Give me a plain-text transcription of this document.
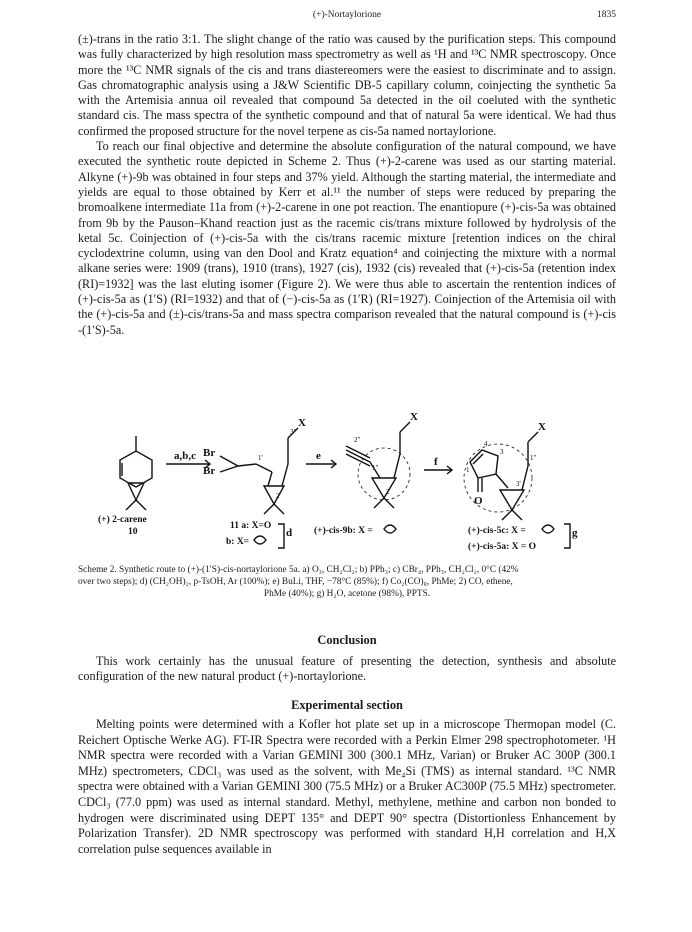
(+)-Nortaylorione	1835

(±)-trans in the ratio 3:1. The slight change of the ratio was caused by the purification steps. This compound was fully characterized by high resolution mass spectrometry as well as ¹H and ¹³C NMR spectroscopy. Once more the ¹³C NMR signals of the cis and trans diastereomers were the easiest to discriminate and to assign. Gas chromatographic analysis using a J&W Scientific DB-5 capillary column, coinjecting the synthetic 5a with the Artemisia annua oil revealed that compound 5a detected in the oil coeluted with the synthetic standard cis. The mass spectra of the synthetic compound and that of natural 5a were identical. We had thus confirmed the proposed structure for the novel terpene as cis-5a named nortaylorione.

To reach our final objective and determine the absolute configuration of the natural compound, we have executed the synthetic route depicted in Scheme 2. Thus (+)-2-carene was used as our starting material. Alkyne (+)-9b was obtained in four steps and 37% yield. Although the starting material, the intermediate and yields are equal to those obtained by Kerr et al.¹¹ the number of steps were reduced by preparing the bromoalkene intermediate 11a from (+)-2-carene in one pot reaction. The enantiopure (+)-cis-5a was obtained from 9b by the Pauson–Khand reaction just as the racemic cis/trans mixture followed by hydrolysis of the ketal 5c. Coinjection of (+)-cis-5a with the cis/trans racemic mixture [retention indices on the chiral cyclodextrine column, using van den Dool and Kratz equation⁴ and coinjecting the mixture with a normal alkane series were: 1909 (trans), 1910 (trans), 1927 (cis), 1932 (cis) revealed that (+)-cis-5a (retention index (RI)=1932] was the last eluting isomer (Figure 2). We were thus able to ascertain the rentention indices of (+)-cis-5a as (1′S) (RI=1932) and that of (−)-cis-5a as (1′R) (RI=1927). Coinjection of the Artemisia oil with the (+)-cis-5a and (±)-cis/trans-5a and mass spectra comparison revealed that the natural compound is (+)-cis -(1′S)-5a.

a,b,c Br
Br
e	f
d	g
X	X
X
O
(+) 2-carene
10
11 a: X=O
b: X=
(+)-cis-9b: X =	(+)-cis-5c: X =
(+)-cis-5a: X = O
1'
3"
2'
2"
1"
2
4
3
1
1"
3'
Scheme 2. Synthetic route to (+)-(1′S)-cis-nortaylorione 5a. a) O₃, CH₂Cl₂; b) PPh₃; c) CBr₄, PPh₃, CH₂Cl₂, 0°C (42%
over two steps); d) (CH₂OH)₂, p-TsOH, Ar (100%); e) BuLi, THF, −78°C (85%); f) Co₂(CO)₈, PhMe; 2) CO, ethene,
PhMe (40%); g) H₂O, acetone (98%), PPTS.
Conclusion
This work certainly has the unusual feature of presenting the detection, synthesis and absolute configuration of the new natural product (+)-nortaylorione.
Experimental section

Melting points were determined with a Kofler hot plate set up in a microscope Thermopan model (C. Reichert Optische Werke AG). FT-IR Spectra were recorded with a Perkin Elmer 298 spectrophotometer. ¹H NMR spectra were recorded with a Varian GEMINI 300 (300.1 MHz, Varian) or Bruker AC 300P (300.1 MHz) spectrometers, CDCl₃ was used as the solvent, with Me₄Si (TMS) as internal standard. ¹³C NMR spectra were obtained with a Varian GEMINI 300 (75.5 MHz) or a Bruker AC300P (75.5 MHz) spectrometer. CDCl₃ (77.0 ppm) was used as internal standard. Methyl, methylene, methine and carbon non bonded to hydrogen were discriminated using DEPT 135° and DEPT 90° spectra (Distortionless Enhancement by Polarization Transfer). 2D NMR spectroscopy was performed with standard H,H correlation and H,X correlation pulse sequences available in
